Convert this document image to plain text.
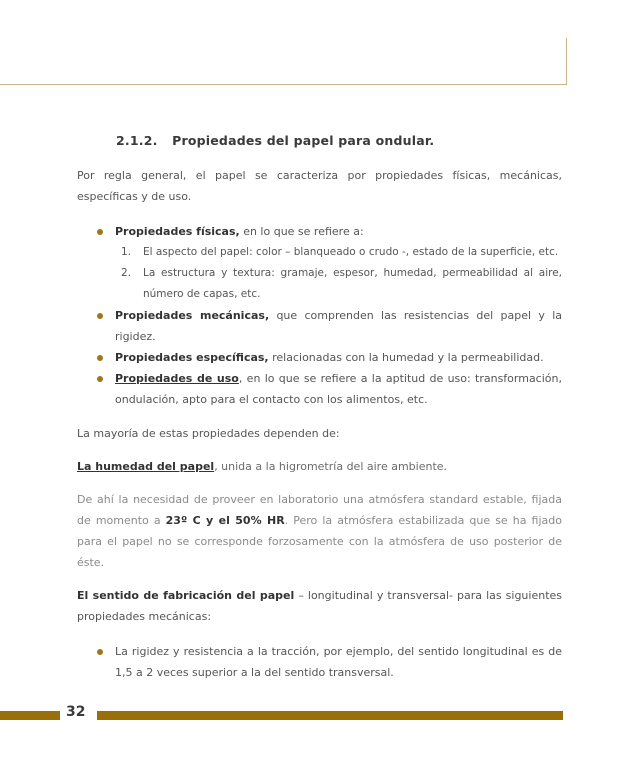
2.1.2. Propiedades del papel para ondular.

Por regla general, el papel se caracteriza por propiedades físicas, mecánicas, específicas y de uso.

Propiedades físicas, en lo que se refiere a:
1. El aspecto del papel: color – blanqueado o crudo -, estado de la superficie, etc.
2. La estructura y textura: gramaje, espesor, humedad, permeabilidad al aire, número de capas, etc.
Propiedades mecánicas, que comprenden las resistencias del papel y la rigidez.
Propiedades específicas, relacionadas con la humedad y la permeabilidad.
Propiedades de uso, en lo que se refiere a la aptitud de uso: transformación, ondulación, apto para el contacto con los alimentos, etc.

La mayoría de estas propiedades dependen de:

La humedad del papel, unida a la higrometría del aire ambiente.

De ahí la necesidad de proveer en laboratorio una atmósfera standard estable, fijada de momento a 23º C y el 50% HR. Pero la atmósfera estabilizada que se ha fijado para el papel no se corresponde forzosamente con la atmósfera de uso posterior de éste.

El sentido de fabricación del papel – longitudinal y transversal- para las siguientes propiedades mecánicas:

La rigidez y resistencia a la tracción, por ejemplo, del sentido longitudinal es de 1,5 a 2 veces superior a la del sentido transversal.
32
